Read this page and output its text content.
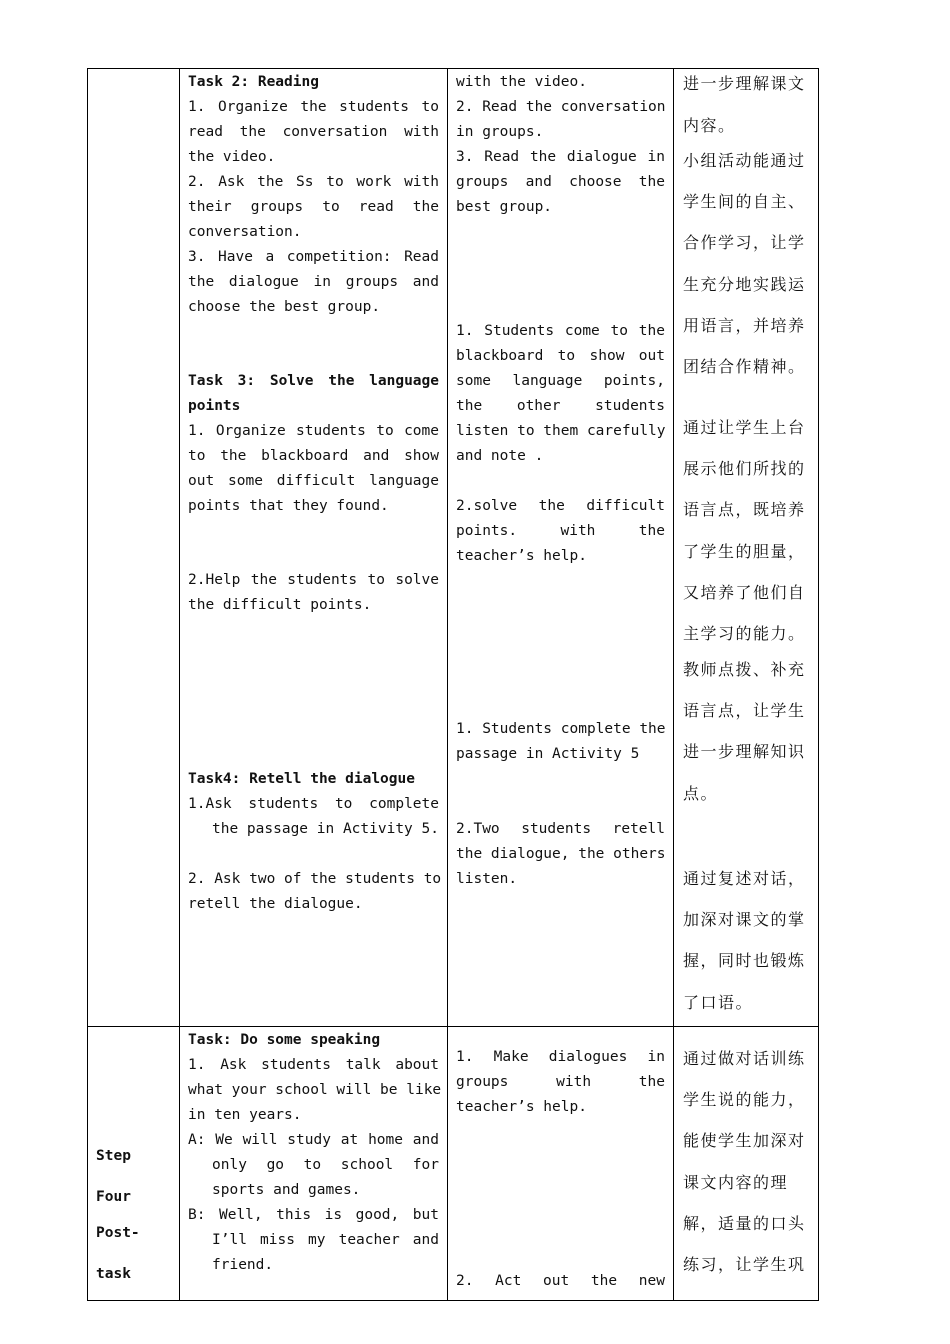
Task 2: Reading
1. Organize the students to
read the conversation with
the video.
2. Ask the Ss to work with
their groups to read the
conversation.
3. Have a competition: Read
the dialogue in groups and
choose the best group.
Task 3: Solve the language
points
1. Organize students to come
to the blackboard and show
out some difficult language
points that they found.
2.Help the students to solve
the difficult points.
Task4: Retell the dialogue
1.Ask students to complete
the passage in Activity 5.
2. Ask two of the students to
retell the dialogue.
with the video.
2. Read the conversation
in groups.
3. Read the dialogue in
groups and choose the
best group.
1. Students come to the
blackboard to show out
some language points,
the other students
listen to them carefully
and note .
2.solve the difficult
points. with the
teacher’s help.
1. Students complete the
passage in Activity 5
2.Two students retell
the dialogue, the others
listen.
进一步理解课文
内容。
小组活动能通过
学生间的自主、
合作学习，让学
生充分地实践运
用语言，并培养
团结合作精神。
通过让学生上台
展示他们所找的
语言点，既培养
了学生的胆量，
又培养了他们自
主学习的能力。
教师点拨、补充
语言点，让学生
进一步理解知识
点。
通过复述对话，
加深对课文的掌
握，同时也锻炼
了口语。
Step
Four
Post-
task
Task: Do some speaking
1. Ask students talk about
what your school will be like
in ten years.
A: We will study at home and
only go to school for
sports and games.
B: Well, this is good, but
I’ll miss my teacher and
friend.
1. Make dialogues in
groups with the
teacher’s help.
2. Act out the new
通过做对话训练
学生说的能力，
能使学生加深对
课文内容的理
解，适量的口头
练习，让学生巩
